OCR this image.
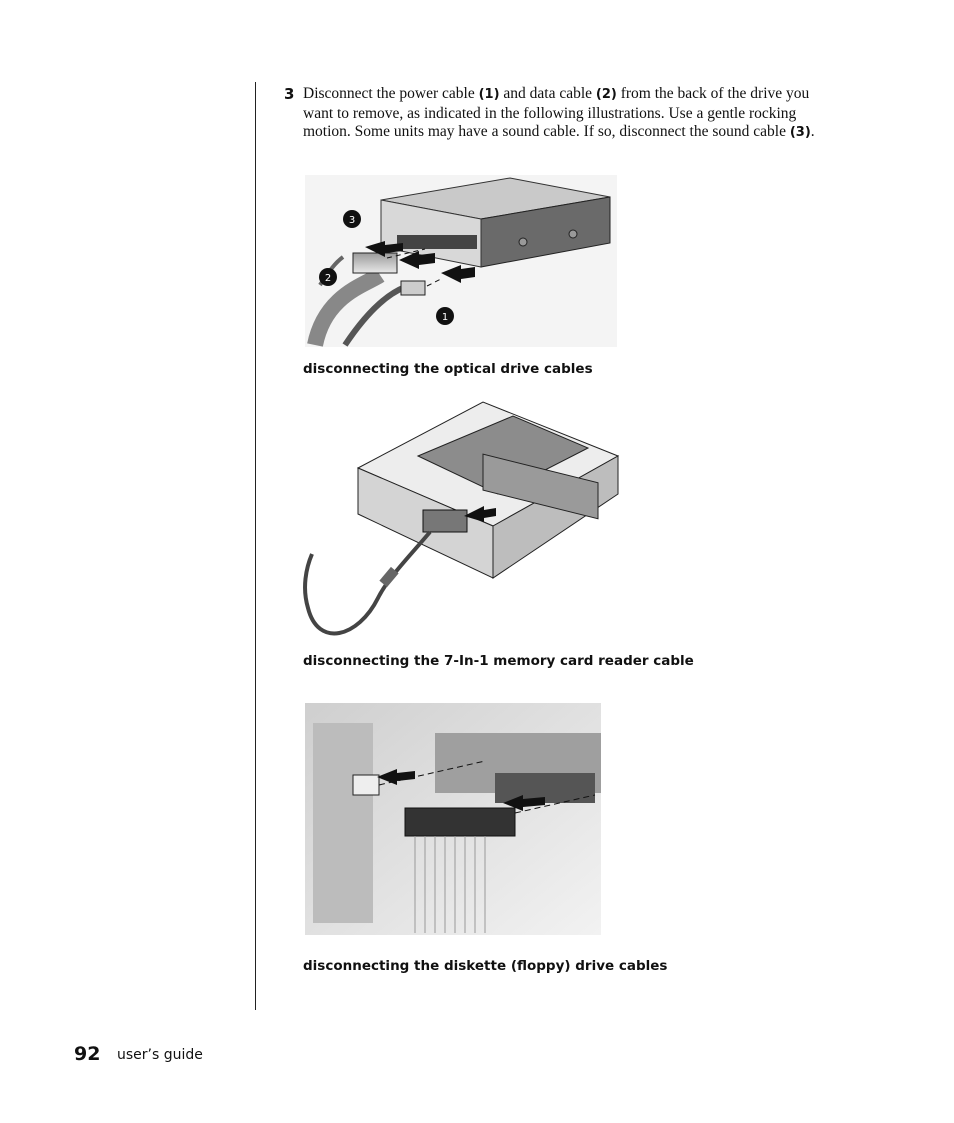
3 Disconnect the power cable (1) and data cable (2) from the back of the drive you want to remove, as indicated in the following illustrations. Use a gentle rocking motion. Some units may have a sound cable. If so, disconnect the sound cable (3).
3
2
1
disconnecting the optical drive cables
disconnecting the 7-In-1 memory card reader cable
disconnecting the diskette (floppy) drive cables
92 user’s guide
